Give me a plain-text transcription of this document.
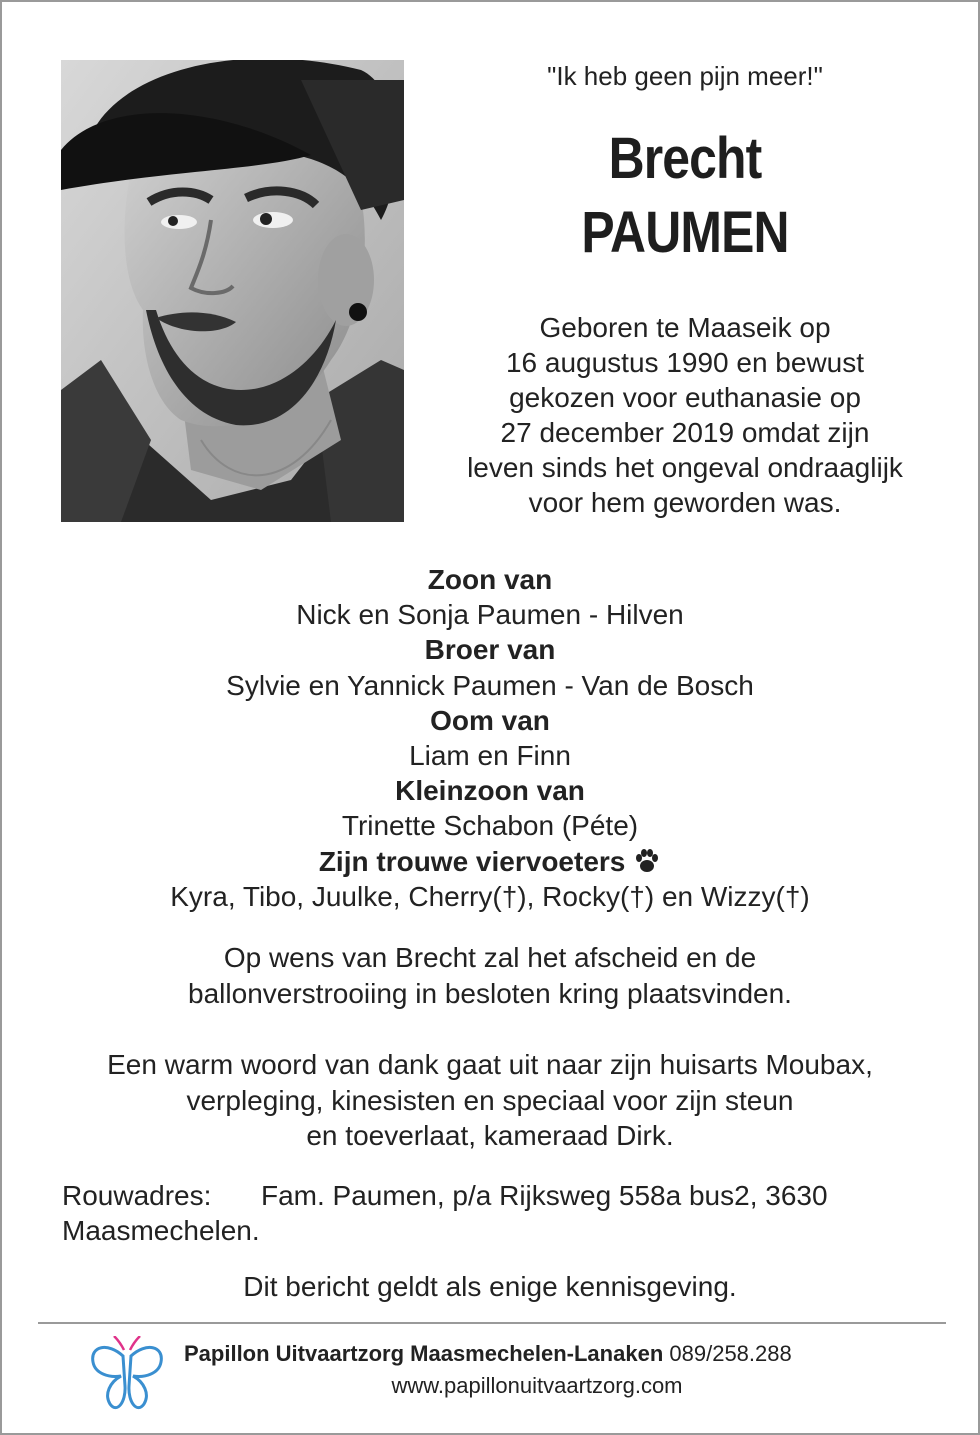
"Ik heb geen pijn meer!"
Brecht
PAUMEN
Geboren te Maaseik op
16 augustus 1990 en bewust
gekozen voor euthanasie op
27 december 2019 omdat zijn
leven sinds het ongeval ondraaglijk
voor hem geworden was.
Zoon van
Nick en Sonja Paumen - Hilven
Broer van
Sylvie en Yannick Paumen - Van de Bosch
Oom van
Liam en Finn
Kleinzoon van
Trinette Schabon (Péte)
Zijn trouwe viervoeters
Kyra, Tibo, Juulke, Cherry(†), Rocky(†) en Wizzy(†)
Op wens van Brecht zal het afscheid en de
ballonverstrooiing in besloten kring plaatsvinden.
Een warm woord van dank gaat uit naar zijn huisarts Moubax,
verpleging, kinesisten en speciaal voor zijn steun
en toeverlaat, kameraad Dirk.
Rouwadres: Fam. Paumen, p/a Rijksweg 558a bus2, 3630
Maasmechelen.
Dit bericht geldt als enige kennisgeving.
Papillon Uitvaartzorg Maasmechelen-Lanaken 089/258.288
www.papillonuitvaartzorg.com
